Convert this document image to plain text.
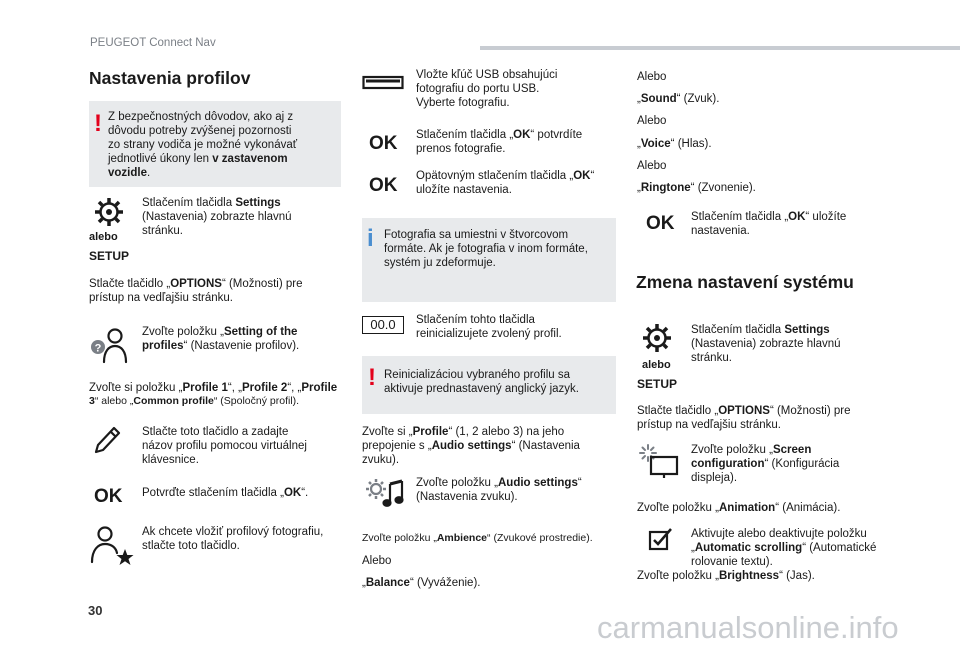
PEUGEOT Connect Nav
Nastavenia profilov
! Z bezpečnostných dôvodov, ako aj z
dôvodu potreby zvýšenej pozornosti
zo strany vodiča je možné vykonávať
jednotlivé úkony len v zastavenom
vozidle.
alebo
SETUP
Stlačením tlačidla Settings
(Nastavenia) zobrazte hlavnú
stránku.
Stlačte tlačidlo „OPTIONS“ (Možnosti) pre
prístup na vedľajšiu stránku.
?
Zvoľte položku „Setting of the
profiles“ (Nastavenie profilov).
Zvoľte si položku „Profile 1“, „Profile 2“, „Profile
3“ alebo „Common profile“ (Spoločný profil).
Stlačte toto tlačidlo a zadajte
názov profilu pomocou virtuálnej
klávesnice.
OK Potvrďte stlačením tlačidla „OK“.
Ak chcete vložiť profilový fotografiu,
stlačte toto tlačidlo.
Vložte kľúč USB obsahujúci
fotografiu do portu USB.
Vyberte fotografiu.
OK Stlačením tlačidla „OK“ potvrdíte
prenos fotografie.
OK Opätovným stlačením tlačidla „OK“
uložíte nastavenia.
i Fotografia sa umiestni v štvorcovom
formáte. Ak je fotografia v inom formáte,
systém ju zdeformuje.
00.0	Stlačením tohto tlačidla
reinicializujete zvolený profil.
! Reinicializáciou vybraného profilu sa
aktivuje prednastavený anglický jazyk.
Zvoľte si „Profile“ (1, 2 alebo 3) na jeho
prepojenie s „Audio settings“ (Nastavenia
zvuku).
Zvoľte položku „Audio settings“
(Nastavenia zvuku).
Zvoľte položku „Ambience“ (Zvukové prostredie).
Alebo
„Balance“ (Vyváženie).
Alebo
„Sound“ (Zvuk).
Alebo
„Voice“ (Hlas).
Alebo
„Ringtone“ (Zvonenie).
OK Stlačením tlačidla „OK“ uložíte
nastavenia.
Zmena nastavení systému
alebo
SETUP
Stlačením tlačidla Settings
(Nastavenia) zobrazte hlavnú
stránku.
Stlačte tlačidlo „OPTIONS“ (Možnosti) pre
prístup na vedľajšiu stránku.
Zvoľte položku „Screen
configuration“ (Konfigurácia
displeja).
Zvoľte položku „Animation“ (Animácia).
Aktivujte alebo deaktivujte položku
„Automatic scrolling“ (Automatické
rolovanie textu).
Zvoľte položku „Brightness“ (Jas).
30	carmanualsonline.info
